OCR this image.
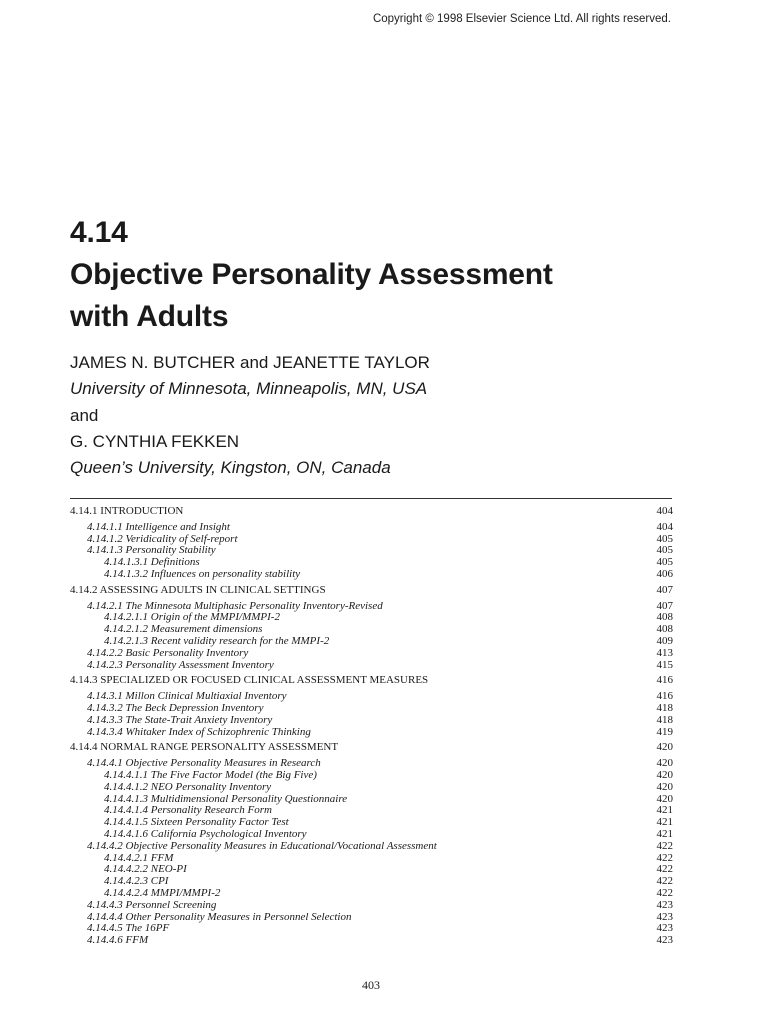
Copyright © 1998 Elsevier Science Ltd. All rights reserved.
4.14
Objective Personality Assessment
with Adults
JAMES N. BUTCHER and JEANETTE TAYLOR
University of Minnesota, Minneapolis, MN, USA
and
G. CYNTHIA FEKKEN
Queen’s University, Kingston, ON, Canada
4.14.1 INTRODUCTION	404
4.14.1.1 Intelligence and Insight	404
4.14.1.2 Veridicality of Self-report	405
4.14.1.3 Personality Stability	405
4.14.1.3.1 Definitions	405
4.14.1.3.2 Influences on personality stability	406
4.14.2 ASSESSING ADULTS IN CLINICAL SETTINGS	407
4.14.2.1 The Minnesota Multiphasic Personality Inventory-Revised	407
4.14.2.1.1 Origin of the MMPI/MMPI-2	408
4.14.2.1.2 Measurement dimensions	408
4.14.2.1.3 Recent validity research for the MMPI-2	409
4.14.2.2 Basic Personality Inventory	413
4.14.2.3 Personality Assessment Inventory	415
4.14.3 SPECIALIZED OR FOCUSED CLINICAL ASSESSMENT MEASURES	416
4.14.3.1 Millon Clinical Multiaxial Inventory	416
4.14.3.2 The Beck Depression Inventory	418
4.14.3.3 The State-Trait Anxiety Inventory	418
4.14.3.4 Whitaker Index of Schizophrenic Thinking	419
4.14.4 NORMAL RANGE PERSONALITY ASSESSMENT	420
4.14.4.1 Objective Personality Measures in Research	420
4.14.4.1.1 The Five Factor Model (the Big Five)	420
4.14.4.1.2 NEO Personality Inventory	420
4.14.4.1.3 Multidimensional Personality Questionnaire	420
4.14.4.1.4 Personality Research Form	421
4.14.4.1.5 Sixteen Personality Factor Test	421
4.14.4.1.6 California Psychological Inventory	421
4.14.4.2 Objective Personality Measures in Educational/Vocational Assessment	422
4.14.4.2.1 FFM	422
4.14.4.2.2 NEO-PI	422
4.14.4.2.3 CPI	422
4.14.4.2.4 MMPI/MMPI-2	422
4.14.4.3 Personnel Screening	423
4.14.4.4 Other Personality Measures in Personnel Selection	423
4.14.4.5 The 16PF	423
4.14.4.6 FFM	423
403
